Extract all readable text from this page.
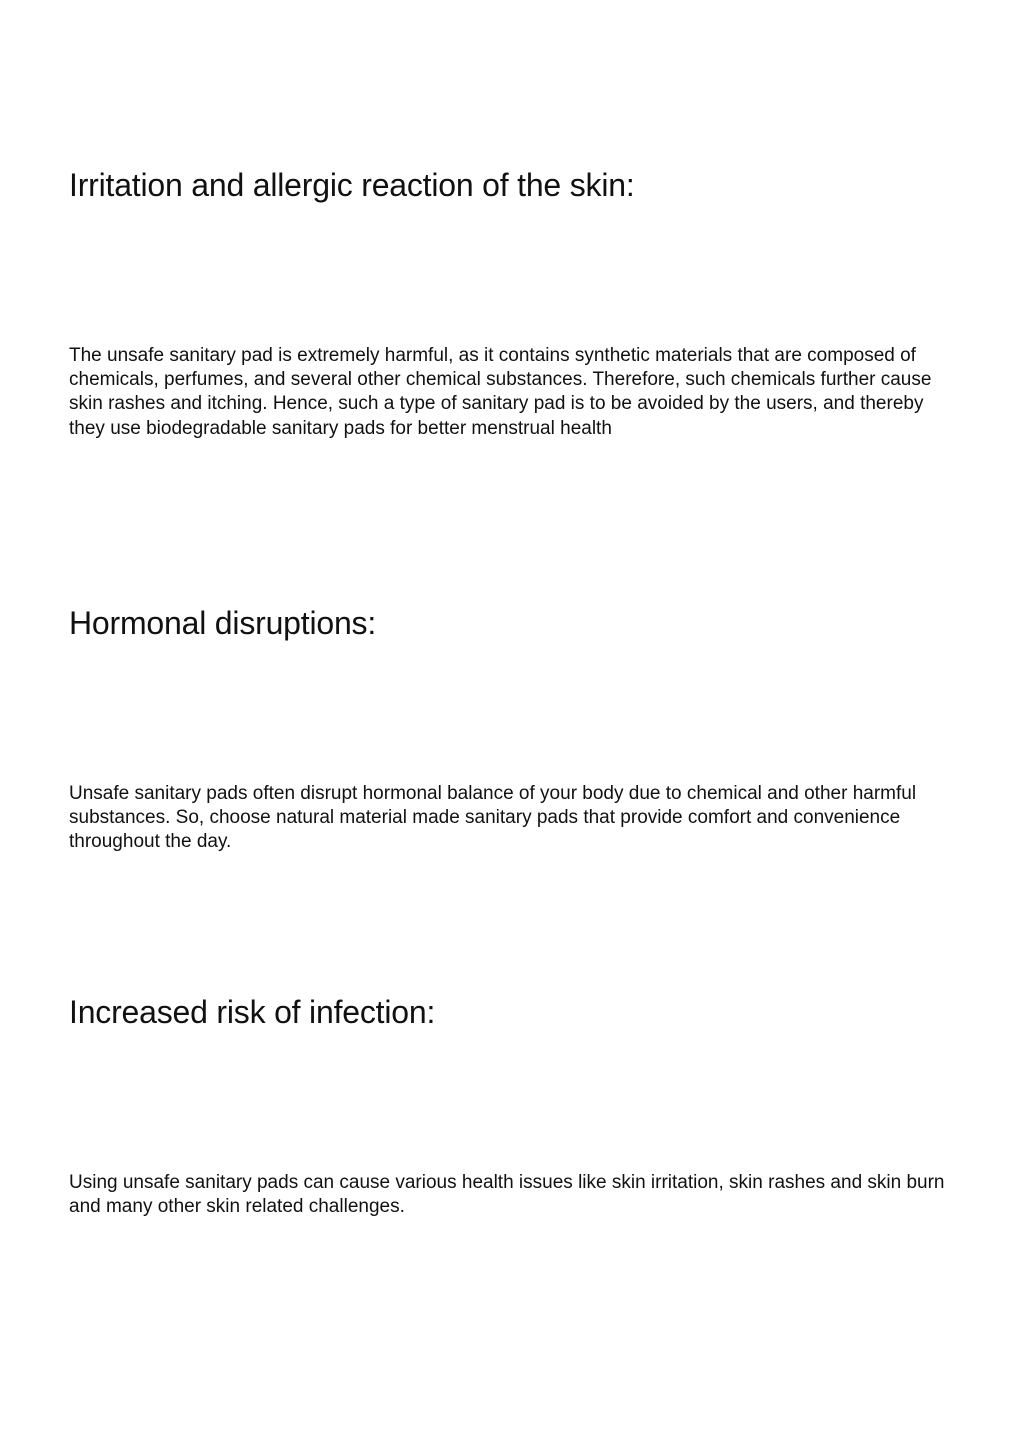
Irritation and allergic reaction of the skin:

The unsafe sanitary pad is extremely harmful, as it contains synthetic materials that are composed of chemicals, perfumes, and several other chemical substances. Therefore, such chemicals further cause skin rashes and itching. Hence, such a type of sanitary pad is to be avoided by the users, and thereby they use biodegradable sanitary pads for better menstrual health

Hormonal disruptions:

Unsafe sanitary pads often disrupt hormonal balance of your body due to chemical and other harmful substances. So, choose natural material made sanitary pads that provide comfort and convenience throughout the day.

Increased risk of infection:

Using unsafe sanitary pads can cause various health issues like skin irritation, skin rashes and skin burn and many other skin related challenges.
